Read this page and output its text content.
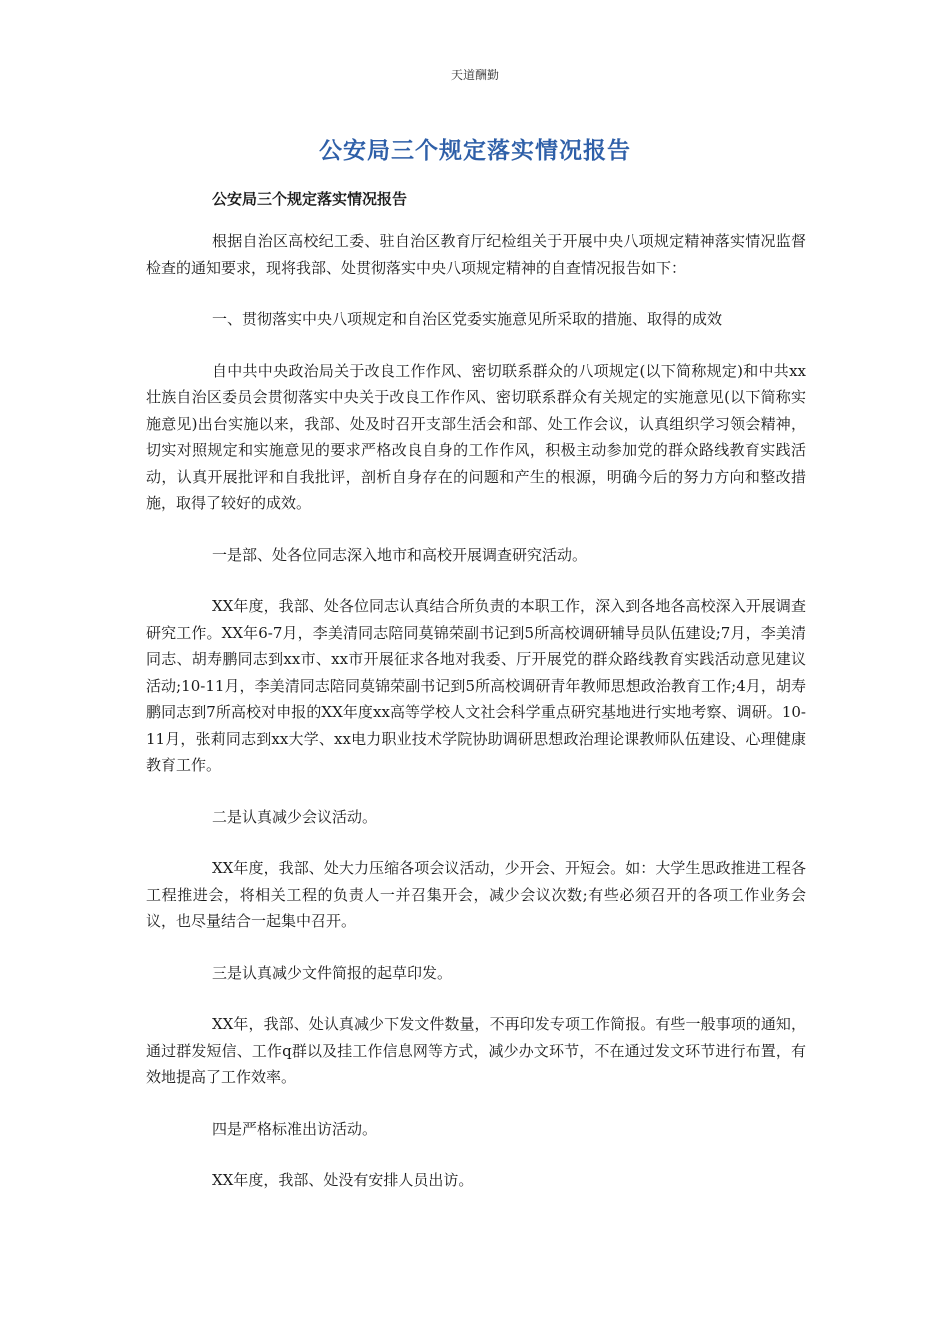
天道酬勤
公安局三个规定落实情况报告

公安局三个规定落实情况报告

根据自治区高校纪工委、驻自治区教育厅纪检组关于开展中央八项规定精神落实情况监督检查的通知要求，现将我部、处贯彻落实中央八项规定精神的自查情况报告如下：

一、贯彻落实中央八项规定和自治区党委实施意见所采取的措施、取得的成效

自中共中央政治局关于改良工作作风、密切联系群众的八项规定(以下简称规定)和中共xx壮族自治区委员会贯彻落实中央关于改良工作作风、密切联系群众有关规定的实施意见(以下简称实施意见)出台实施以来，我部、处及时召开支部生活会和部、处工作会议，认真组织学习领会精神，切实对照规定和实施意见的要求严格改良自身的工作作风，积极主动参加党的群众路线教育实践活动，认真开展批评和自我批评，剖析自身存在的问题和产生的根源，明确今后的努力方向和整改措施，取得了较好的成效。

一是部、处各位同志深入地市和高校开展调查研究活动。

XX年度，我部、处各位同志认真结合所负责的本职工作，深入到各地各高校深入开展调查研究工作。XX年6-7月，李美清同志陪同莫锦荣副书记到5所高校调研辅导员队伍建设;7月，李美清同志、胡寿鹏同志到xx市、xx市开展征求各地对我委、厅开展党的群众路线教育实践活动意见建议活动;10-11月，李美清同志陪同莫锦荣副书记到5所高校调研青年教师思想政治教育工作;4月，胡寿鹏同志到7所高校对申报的XX年度xx高等学校人文社会科学重点研究基地进行实地考察、调研。10-11月，张莉同志到xx大学、xx电力职业技术学院协助调研思想政治理论课教师队伍建设、心理健康教育工作。

二是认真减少会议活动。

XX年度，我部、处大力压缩各项会议活动，少开会、开短会。如：大学生思政推进工程各工程推进会，将相关工程的负责人一并召集开会，减少会议次数;有些必须召开的各项工作业务会议，也尽量结合一起集中召开。

三是认真减少文件简报的起草印发。

XX年，我部、处认真减少下发文件数量，不再印发专项工作简报。有些一般事项的通知，通过群发短信、工作q群以及挂工作信息网等方式，减少办文环节，不在通过发文环节进行布置，有效地提高了工作效率。

四是严格标准出访活动。

XX年度，我部、处没有安排人员出访。
